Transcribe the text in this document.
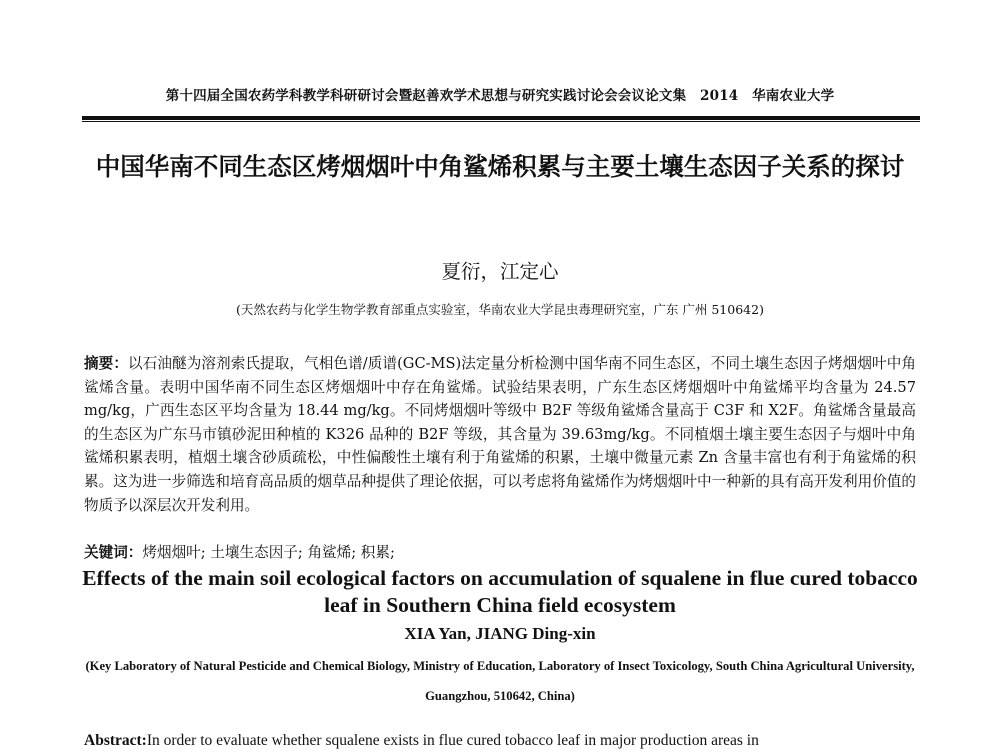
第十四届全国农药学科教学科研研讨会暨赵善欢学术思想与研究实践讨论会会议论文集　2014　华南农业大学
中国华南不同生态区烤烟烟叶中角鲨烯积累与主要土壤生态因子关系的探讨
夏衍，江定心
(天然农药与化学生物学教育部重点实验室，华南农业大学昆虫毒理研究室，广东 广州 510642)
摘要：以石油醚为溶剂索氏提取，气相色谱/质谱(GC-MS)法定量分析检测中国华南不同生态区，不同土壤生态因子烤烟烟叶中角鲨烯含量。表明中国华南不同生态区烤烟烟叶中存在角鲨烯。试验结果表明，广东生态区烤烟烟叶中角鲨烯平均含量为 24.57 mg/kg，广西生态区平均含量为 18.44 mg/kg。不同烤烟烟叶等级中 B2F 等级角鲨烯含量高于 C3F 和 X2F。角鲨烯含量最高的生态区为广东马市镇砂泥田种植的 K326 品种的 B2F 等级，其含量为 39.63mg/kg。不同植烟土壤主要生态因子与烟叶中角鲨烯积累表明，植烟土壤含砂质疏松，中性偏酸性土壤有利于角鲨烯的积累，土壤中微量元素 Zn 含量丰富也有利于角鲨烯的积累。这为进一步筛选和培育高品质的烟草品种提供了理论依据，可以考虑将角鲨烯作为烤烟烟叶中一种新的具有高开发利用价值的物质予以深层次开发利用。
关键词：烤烟烟叶; 土壤生态因子; 角鲨烯; 积累;
Effects of the main soil ecological factors on accumulation of squalene in flue cured tobacco leaf in Southern China field ecosystem
XIA Yan, JIANG Ding-xin
(Key Laboratory of Natural Pesticide and Chemical Biology, Ministry of Education, Laboratory of Insect Toxicology, South China Agricultural University, Guangzhou, 510642, China)
Abstract:In order to evaluate whether squalene exists in flue cured tobacco leaf in major production areas in
